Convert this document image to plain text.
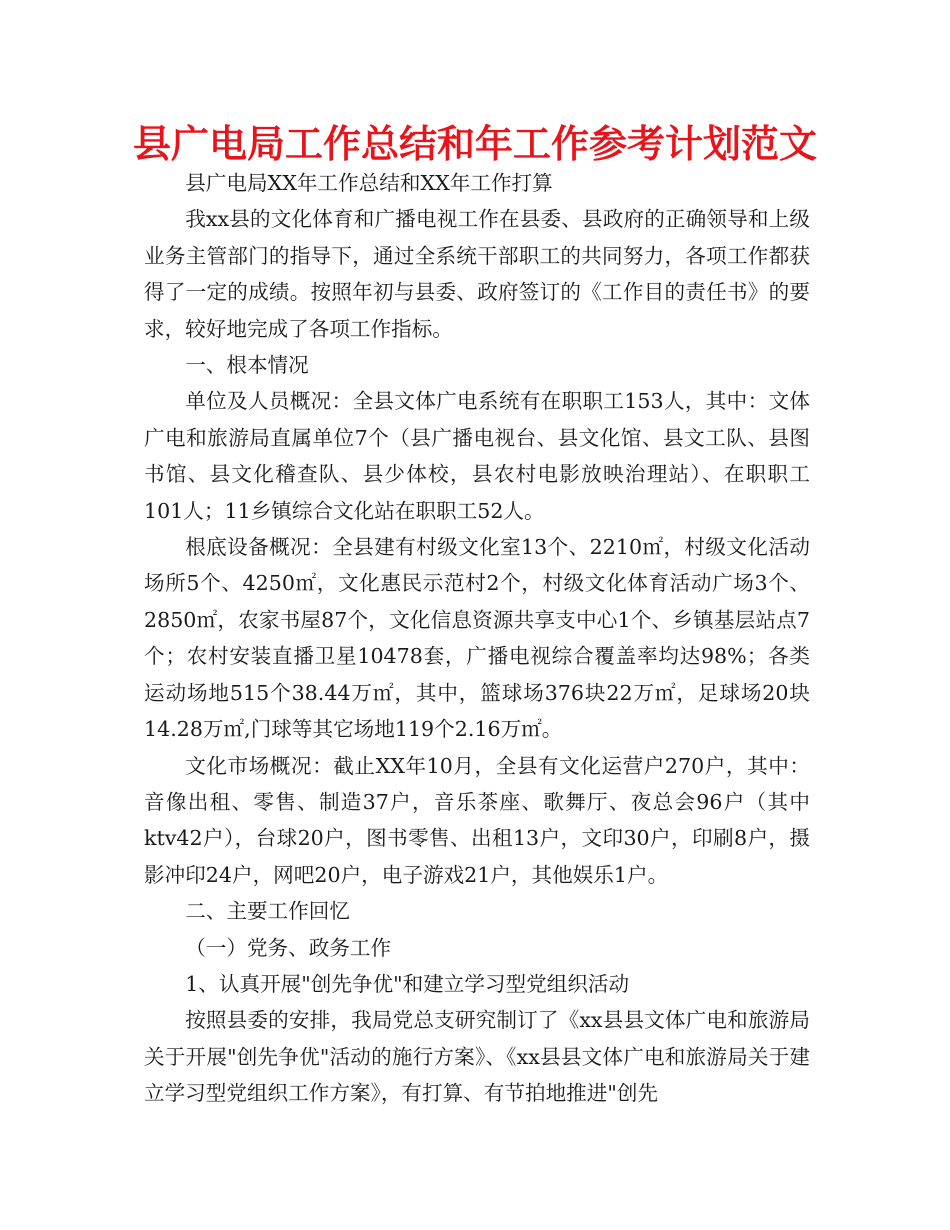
县广电局工作总结和年工作参考计划范文

县广电局XX年工作总结和XX年工作打算

我xx县的文化体育和广播电视工作在县委、县政府的正确领导和上级业务主管部门的指导下，通过全系统干部职工的共同努力，各项工作都获得了一定的成绩。按照年初与县委、政府签订的《工作目的责任书》的要求，较好地完成了各项工作指标。

一、根本情况

单位及人员概况：全县文体广电系统有在职职工153人，其中：文体广电和旅游局直属单位7个（县广播电视台、县文化馆、县文工队、县图书馆、县文化稽查队、县少体校，县农村电影放映治理站）、在职职工101人；11乡镇综合文化站在职职工52人。

根底设备概况：全县建有村级文化室13个、2210㎡，村级文化活动场所5个、4250㎡，文化惠民示范村2个，村级文化体育活动广场3个、2850㎡，农家书屋87个，文化信息资源共享支中心1个、乡镇基层站点7个；农村安装直播卫星10478套，广播电视综合覆盖率均达98%；各类运动场地515个38.44万㎡，其中，篮球场376块22万㎡，足球场20块14.28万㎡,门球等其它场地119个2.16万㎡。

文化市场概况：截止XX年10月，全县有文化运营户270户，其中：音像出租、零售、制造37户，音乐茶座、歌舞厅、夜总会96户（其中ktv42户），台球20户，图书零售、出租13户，文印30户，印刷8户，摄影冲印24户，网吧20户，电子游戏21户，其他娱乐1户。

二、主要工作回忆

（一）党务、政务工作

1、认真开展"创先争优"和建立学习型党组织活动

按照县委的安排，我局党总支研究制订了《xx县县文体广电和旅游局关于开展"创先争优"活动的施行方案》、《xx县县文体广电和旅游局关于建立学习型党组织工作方案》，有打算、有节拍地推进"创先
